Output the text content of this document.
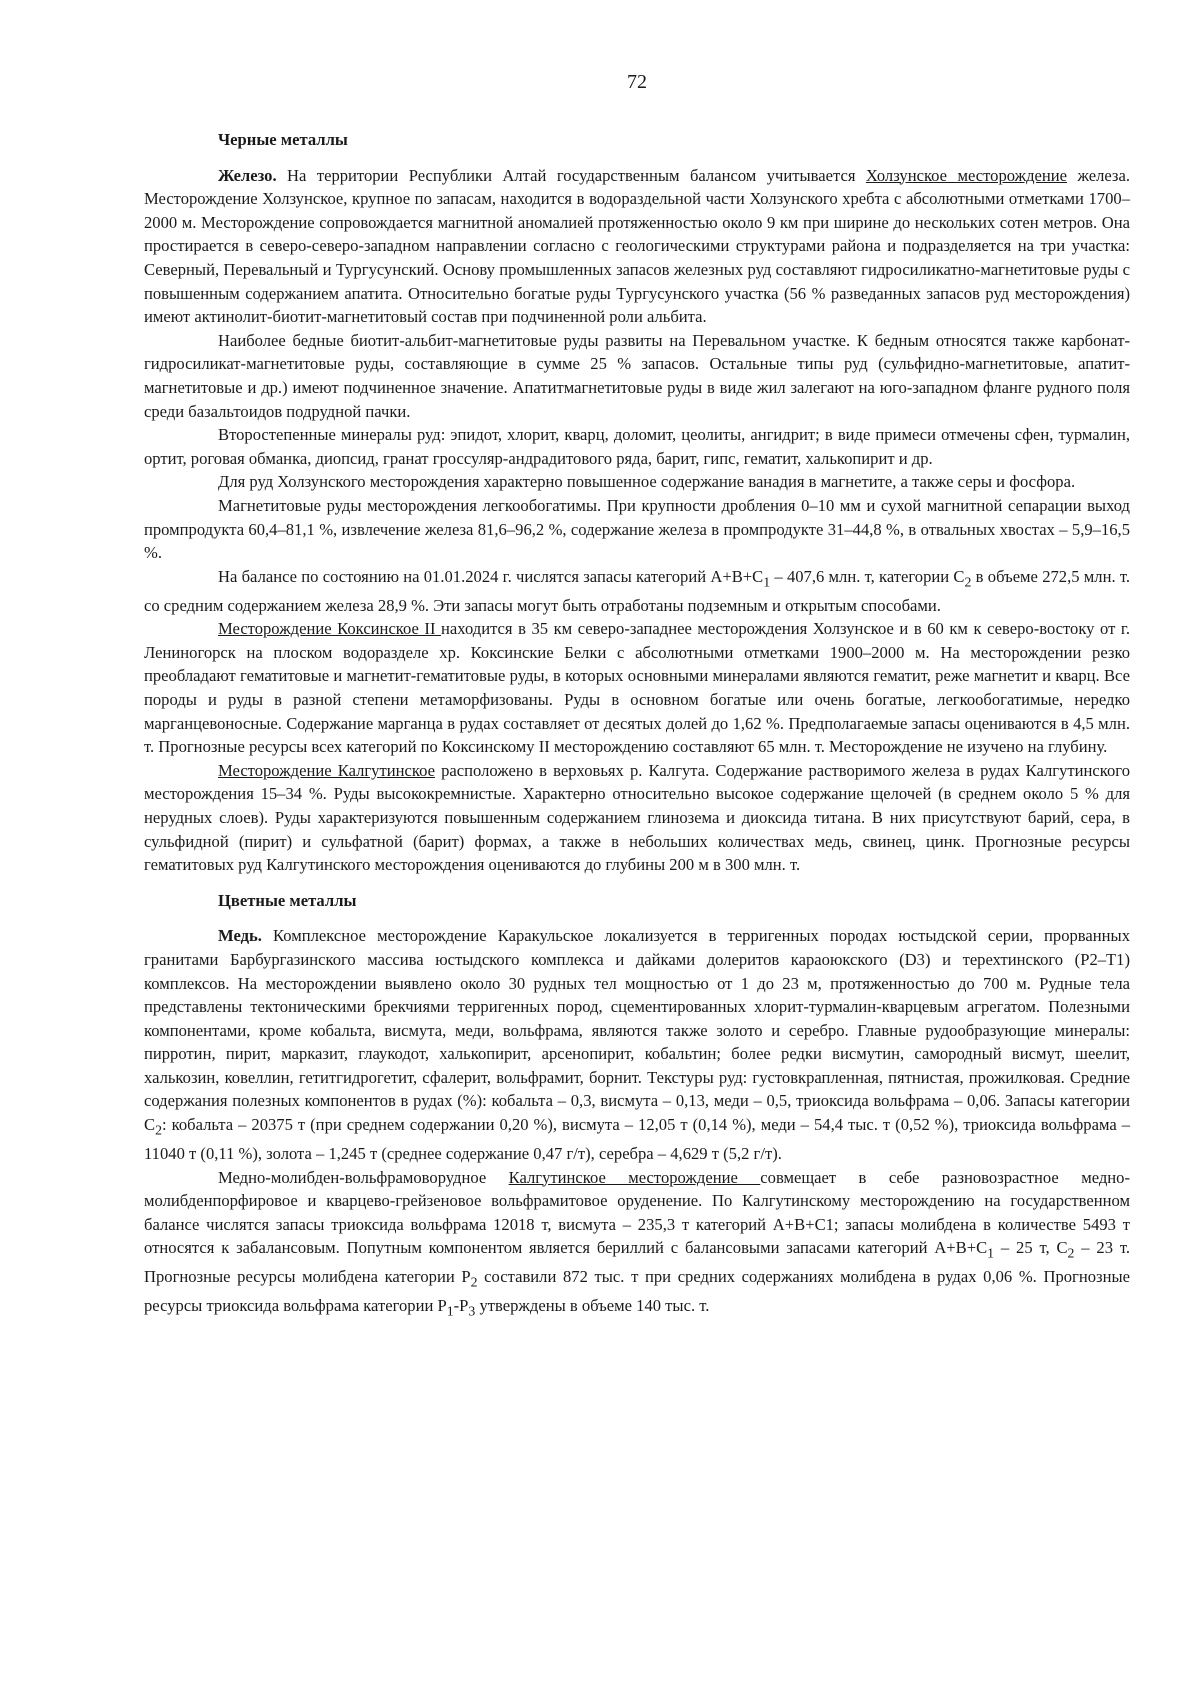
72
Черные металлы

Железо. На территории Республики Алтай государственным балансом учитывается Холзунское месторождение железа. Месторождение Холзунское, крупное по запасам, находится в водораздельной части Холзунского хребта с абсолютными отметками 1700–2000 м. Месторождение сопровождается магнитной аномалией протяженностью около 9 км при ширине до нескольких сотен метров. Она простирается в северо-северо-западном направлении согласно с геологическими структурами района и подразделяется на три участка: Северный, Перевальный и Тургусунский. Основу промышленных запасов железных руд составляют гидросиликатно-магнетитовые руды с повышенным содержанием апатита. Относительно богатые руды Тургусунского участка (56 % разведанных запасов руд месторождения) имеют актинолит-биотит-магнетитовый состав при подчиненной роли альбита.

Наиболее бедные биотит-альбит-магнетитовые руды развиты на Перевальном участке. К бедным относятся также карбонат-гидросиликат-магнетитовые руды, составляющие в сумме 25 % запасов. Остальные типы руд (сульфидно-магнетитовые, апатит-магнетитовые и др.) имеют подчиненное значение. Апатитмагнетитовые руды в виде жил залегают на юго-западном фланге рудного поля среди базальтоидов подрудной пачки.

Второстепенные минералы руд: эпидот, хлорит, кварц, доломит, цеолиты, ангидрит; в виде примеси отмечены сфен, турмалин, ортит, роговая обманка, диопсид, гранат гроссуляр-андрадитового ряда, барит, гипс, гематит, халькопирит и др.

Для руд Холзунского месторождения характерно повышенное содержание ванадия в магнетите, а также серы и фосфора.

Магнетитовые руды месторождения легкообогатимы. При крупности дробления 0–10 мм и сухой магнитной сепарации выход промпродукта 60,4–81,1 %, извлечение железа 81,6–96,2 %, содержание железа в промпродукте 31–44,8 %, в отвальных хвостах – 5,9–16,5 %.

На балансе по состоянию на 01.01.2024 г. числятся запасы категорий $А+В+С_1 - 407,6$ млн. т, категории $С_2$ в объеме 272,5 млн. т. со средним содержанием железа 28,9 %. Эти запасы могут быть отработаны подземным и открытым способами.

Месторождение Коксинское II находится в 35 км северо-западнее месторождения Холзунское и в 60 км к северо-востоку от г. Лениногорск на плоском водоразделе хр. Коксинские Белки с абсолютными отметками 1900–2000 м. На месторождении резко преобладают гематитовые и магнетит-гематитовые руды, в которых основными минералами являются гематит, реже магнетит и кварц. Все породы и руды в разной степени метаморфизованы. Руды в основном богатые или очень богатые, легкообогатимые, нередко марганцевоносные. Содержание марганца в рудах составляет от десятых долей до 1,62 %. Предполагаемые запасы оцениваются в 4,5 млн. т. Прогнозные ресурсы всех категорий по Коксинскому II месторождению составляют 65 млн. т. Месторождение не изучено на глубину.

Месторождение Калгутинское расположено в верховьях р. Калгута. Содержание растворимого железа в рудах Калгутинского месторождения 15–34 %. Руды высококремнистые. Характерно относительно высокое содержание щелочей (в среднем около 5 % для нерудных слоев). Руды характеризуются повышенным содержанием глинозема и диоксида титана. В них присутствуют барий, сера, в сульфидной (пирит) и сульфатной (барит) формах, а также в небольших количествах медь, свинец, цинк. Прогнозные ресурсы гематитовых руд Калгутинского месторождения оцениваются до глубины 200 м в 300 млн. т.

Цветные металлы

Медь. Комплексное месторождение Каракульское локализуется в терригенных породах юстыдской серии, прорванных гранитами Барбургазинского массива юстыдского комплекса и дайками долеритов караоюкского (D3) и терехтинского (P2–T1) комплексов. На месторождении выявлено около 30 рудных тел мощностью от 1 до 23 м, протяженностью до 700 м. Рудные тела представлены тектоническими брекчиями терригенных пород, сцементированных хлорит-турмалин-кварцевым агрегатом. Полезными компонентами, кроме кобальта, висмута, меди, вольфрама, являются также золото и серебро. Главные рудообразующие минералы: пирротин, пирит, марказит, глаукодот, халькопирит, арсенопирит, кобальтин; более редки висмутин, самородный висмут, шеелит, халькозин, ковеллин, гетитгидрогетит, сфалерит, вольфрамит, борнит. Текстуры руд: густовкрапленная, пятнистая, прожилковая. Средние содержания полезных компонентов в рудах (%): кобальта – 0,3, висмута – 0,13, меди – 0,5, триоксида вольфрама – 0,06. Запасы категории $С_2$: кобальта – 20375 т (при среднем содержании 0,20 %), висмута – 12,05 т (0,14 %), меди – 54,4 тыс. т (0,52 %), триоксида вольфрама – 11040 т (0,11 %), золота – 1,245 т (среднее содержание 0,47 г/т), серебра – 4,629 т (5,2 г/т).

Медно-молибден-вольфрамоворудное Калгутинское месторождение совмещает в себе разновозрастное медно-молибденпорфировое и кварцево-грейзеновое вольфрамитовое оруденение. По Калгутинскому месторождению на государственном балансе числятся запасы триоксида вольфрама 12018 т, висмута – 235,3 т категорий А+В+С1; запасы молибдена в количестве 5493 т относятся к забалансовым. Попутным компонентом является бериллий с балансовыми запасами категорий $А+В+С_1 - 25$ т, $С_2 - 23$ т. Прогнозные ресурсы молибдена категории $Р_2$ составили 872 тыс. т при средних содержаниях молибдена в рудах 0,06 %. Прогнозные ресурсы триоксида вольфрама категории $Р_1-Р_3$ утверждены в объеме 140 тыс. т.
